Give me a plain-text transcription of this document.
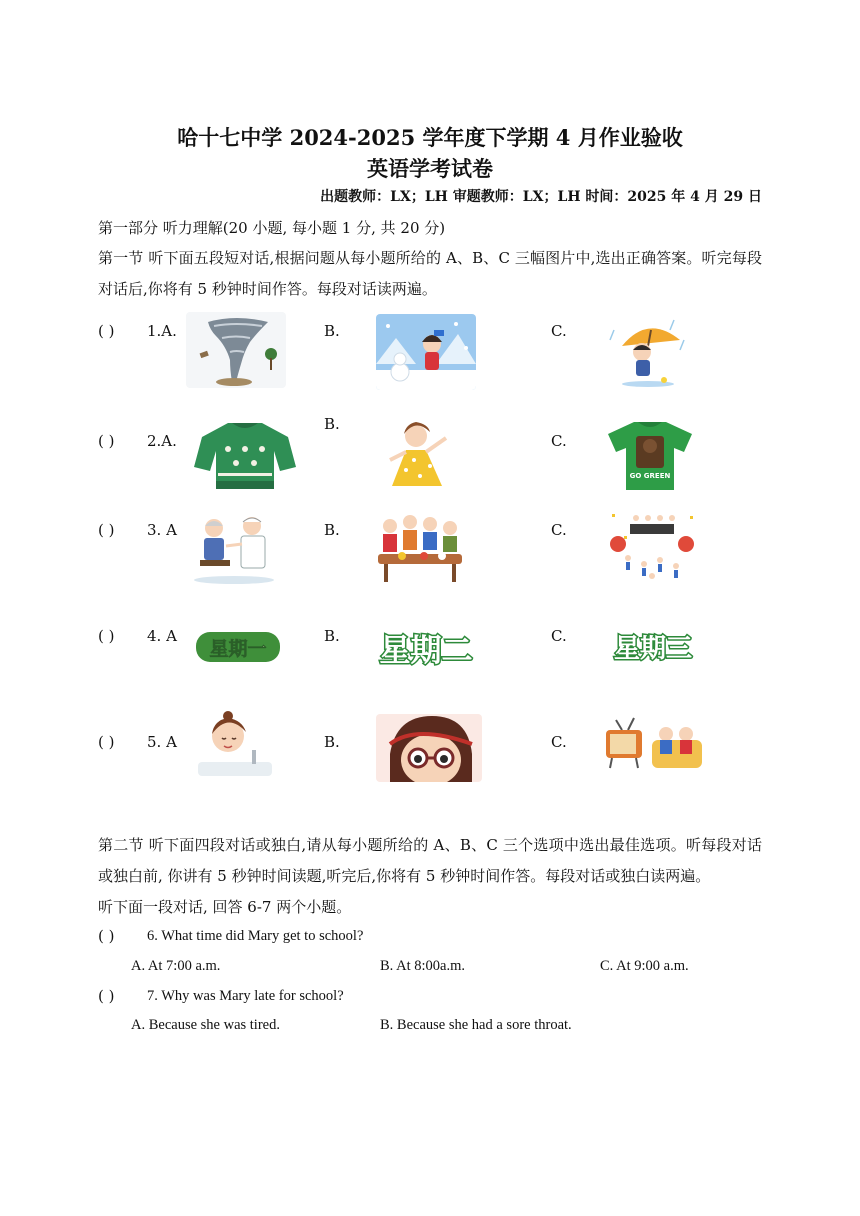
哈十七中学 2024-2025 学年度下学期 4 月作业验收
英语学考试卷
出题教师：LX；LH 审题教师：LX；LH 时间：2025 年 4 月 29 日
第一部分 听力理解(20 小题, 每小题 1 分, 共 20 分)
第一节 听下面五段短对话,根据问题从每小题所给的 A、B、C 三幅图片中,选出正确答案。听完每段对话后,你将有 5 秒钟时间作答。每段对话读两遍。
( ) 1.A.	B.	C.
( ) 2.A.
B.
C.
GO GREEN
( ) 3. A	B.	C.
( ) 4. A
星期一
B. 星期二	C. 星期三
( ) 5. A	B.	C.
第二节 听下面四段对话或独白,请从每小题所给的 A、B、C 三个选项中选出最佳选项。听每段对话或独白前, 你讲有 5 秒钟时间读题,听完后,你将有 5 秒钟时间作答。每段对话或独白读两遍。
听下面一段对话, 回答 6-7 两个小题。
( ) 6. What time did Mary get to school?
A. At 7:00 a.m.	B. At 8:00a.m.	C. At 9:00 a.m.
( ) 7. Why was Mary late for school?
A. Because she was tired.	B. Because she had a sore throat.
